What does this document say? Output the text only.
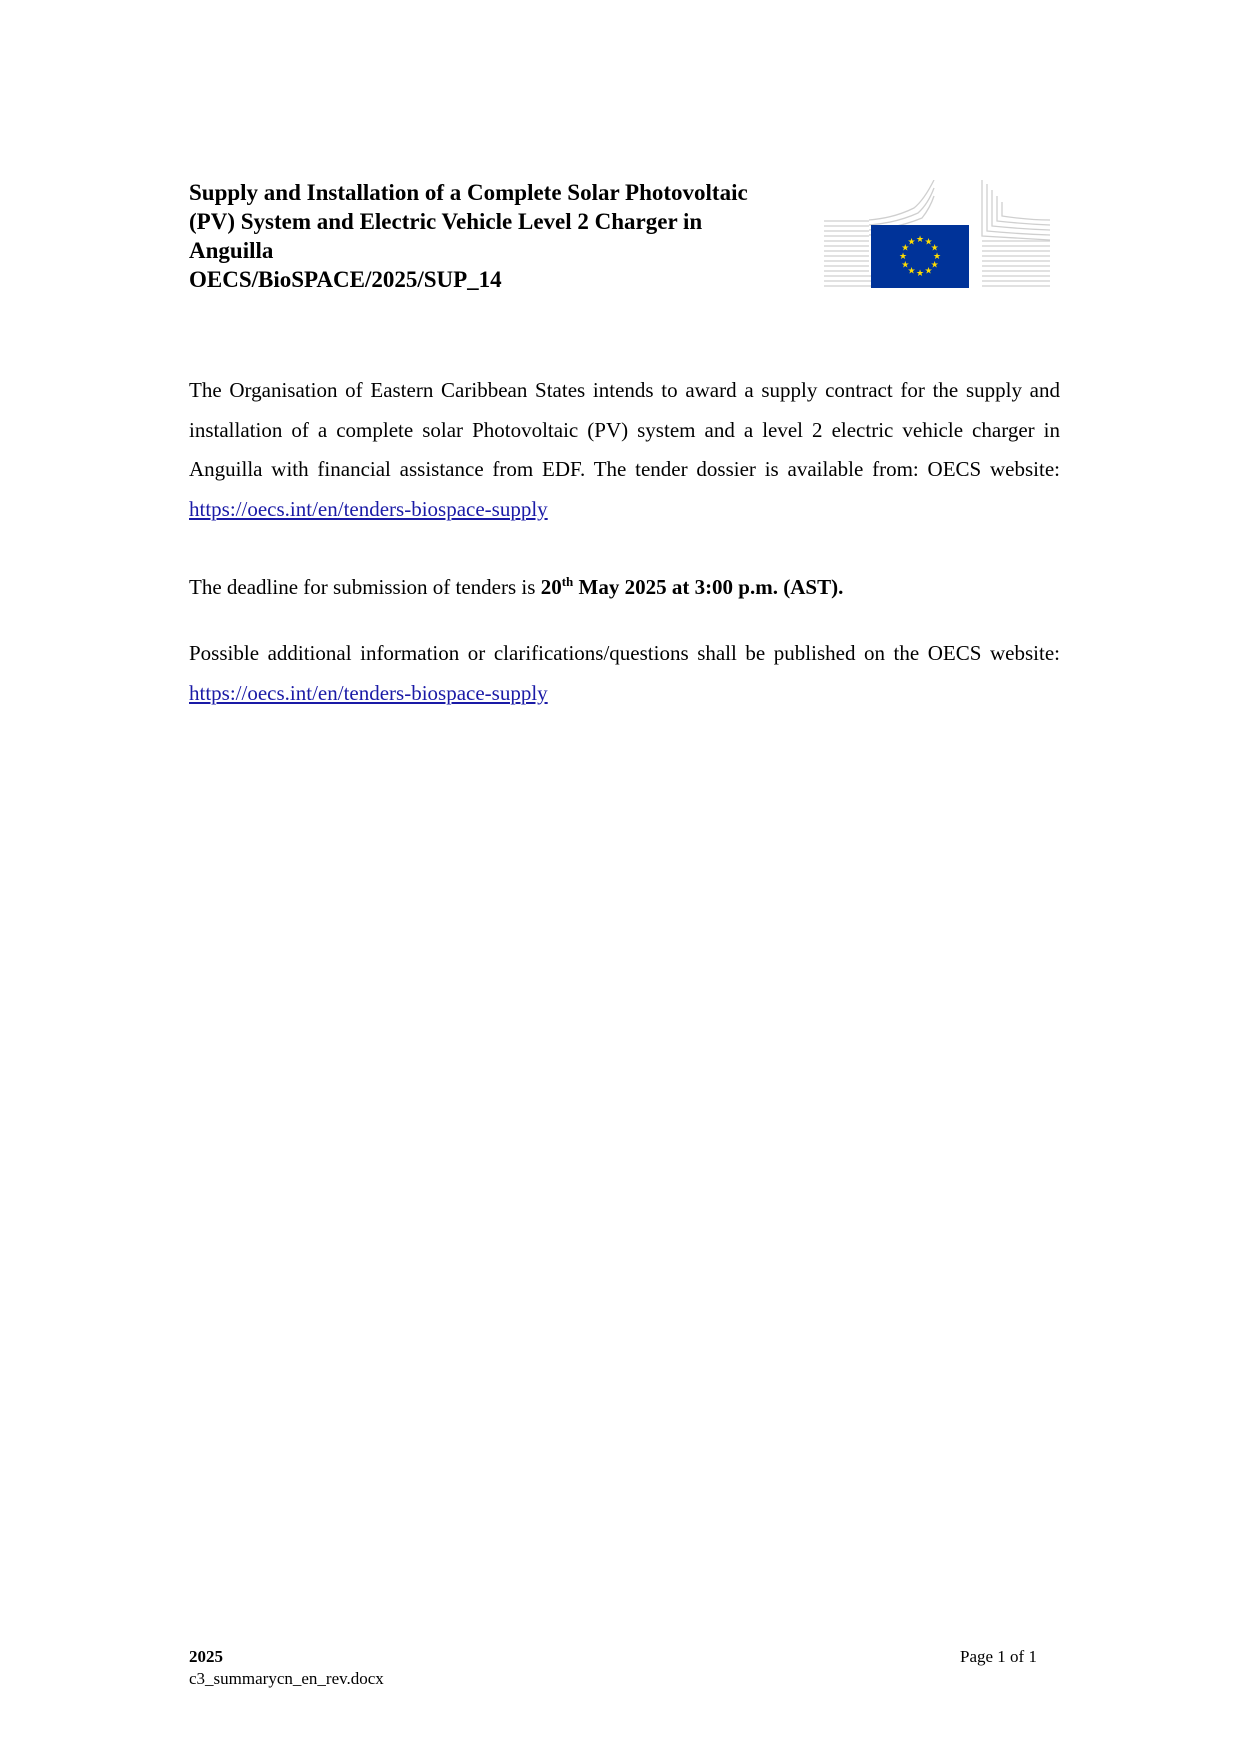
Supply and Installation of a Complete Solar Photovoltaic
(PV) System and Electric Vehicle Level 2 Charger in
Anguilla
OECS/BioSPACE/2025/SUP_14
★ ★
★
★
★
★
★
★
★
★
★
★

The Organisation of Eastern Caribbean States intends to award a supply contract for the supply and installation of a complete solar Photovoltaic (PV) system and a level 2 electric vehicle charger in Anguilla with financial assistance from EDF. The tender dossier is available from: OECS website: https://oecs.int/en/tenders-biospace-supply

The deadline for submission of tenders is 20th May 2025 at 3:00 p.m. (AST).

Possible additional information or clarifications/questions shall be published on the OECS website: https://oecs.int/en/tenders-biospace-supply

2025
c3_summarycn_en_rev.docx
Page 1 of 1
